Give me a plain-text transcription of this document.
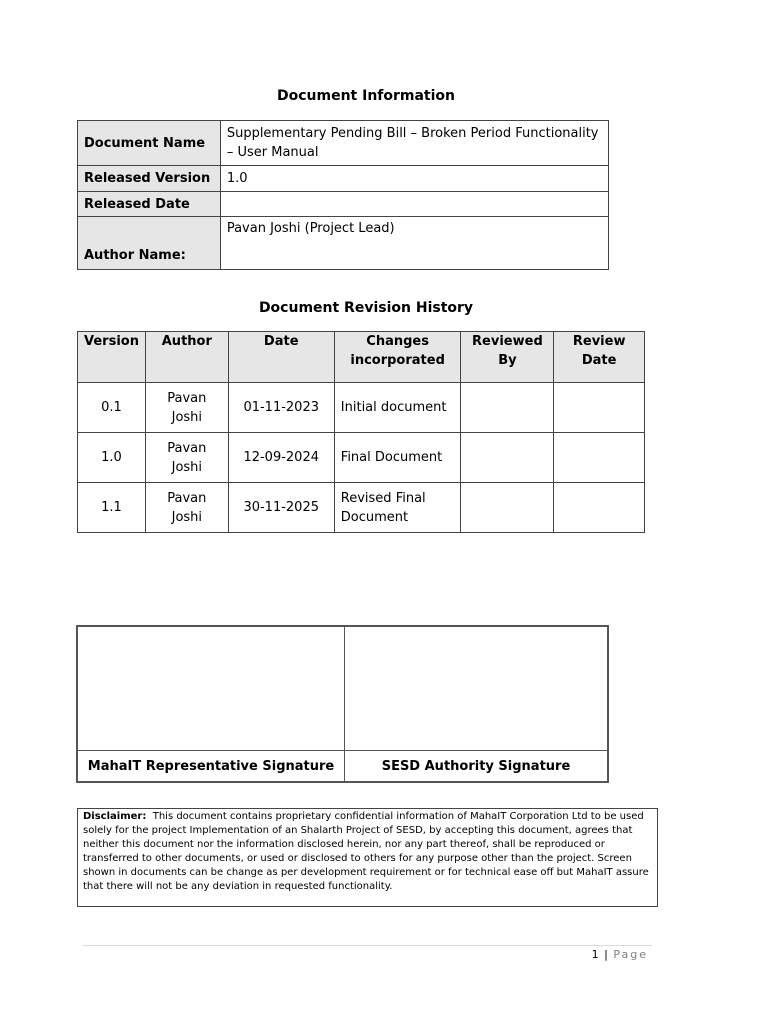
Document Information
Document Name	Supplementary Pending Bill – Broken Period Functionality – User Manual
Released Version	1.0
Released Date	
Author Name:	Pavan Joshi (Project Lead)
Document Revision History
Version	Author	Date	Changes incorporated	Reviewed By	Review Date
0.1	Pavan Joshi	01-11-2023	Initial document		
1.0	Pavan Joshi	12-09-2024	Final Document		
1.1	Pavan Joshi	30-11-2025	Revised Final Document		

MahaIT Representative Signature	SESD Authority Signature
Disclaimer: This document contains proprietary confidential information of MahaIT Corporation Ltd to be used solely for the project Implementation of an Shalarth Project of SESD, by accepting this document, agrees that neither this document nor the information disclosed herein, nor any part thereof, shall be reproduced or transferred to other documents, or used or disclosed to others for any purpose other than the project. Screen shown in documents can be change as per development requirement or for technical ease off but MahaIT assure that there will not be any deviation in requested functionality.
1 | Page
